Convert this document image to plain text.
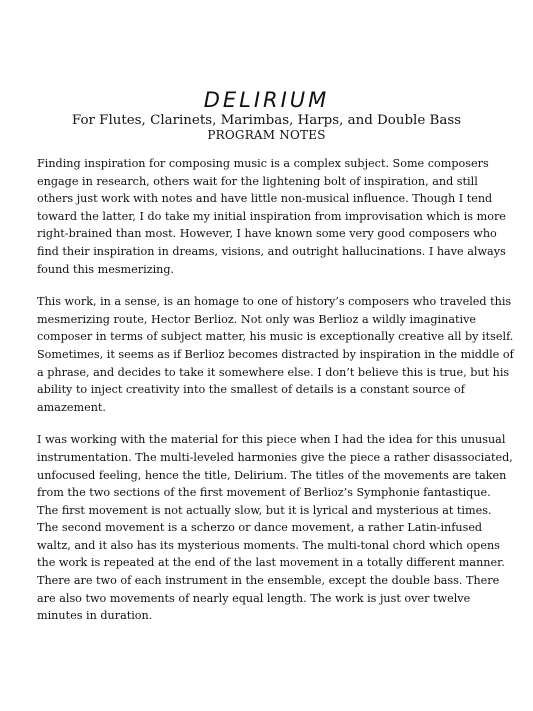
DELIRIUM
For Flutes, Clarinets, Marimbas, Harps, and Double Bass
PROGRAM NOTES

Finding inspiration for composing music is a complex subject. Some composers engage in research, others wait for the lightening bolt of inspiration, and still others just work with notes and have little non-musical influence. Though I tend toward the latter, I do take my initial inspiration from improvisation which is more right-brained than most. However, I have known some very good composers who find their inspiration in dreams, visions, and outright hallucinations. I have always found this mesmerizing.

This work, in a sense, is an homage to one of history’s composers who traveled this mesmerizing route, Hector Berlioz. Not only was Berlioz a wildly imaginative composer in terms of subject matter, his music is exceptionally creative all by itself. Sometimes, it seems as if Berlioz becomes distracted by inspiration in the middle of a phrase, and decides to take it somewhere else. I don’t believe this is true, but his ability to inject creativity into the smallest of details is a constant source of amazement.

I was working with the material for this piece when I had the idea for this unusual instrumentation. The multi-leveled harmonies give the piece a rather disassociated, unfocused feeling, hence the title, Delirium. The titles of the movements are taken from the two sections of the first movement of Berlioz’s Symphonie fantastique. The first movement is not actually slow, but it is lyrical and mysterious at times. The second movement is a scherzo or dance movement, a rather Latin-infused waltz, and it also has its mysterious moments. The multi-tonal chord which opens the work is repeated at the end of the last movement in a totally different manner. There are two of each instrument in the ensemble, except the double bass. There are also two movements of nearly equal length. The work is just over twelve minutes in duration.
